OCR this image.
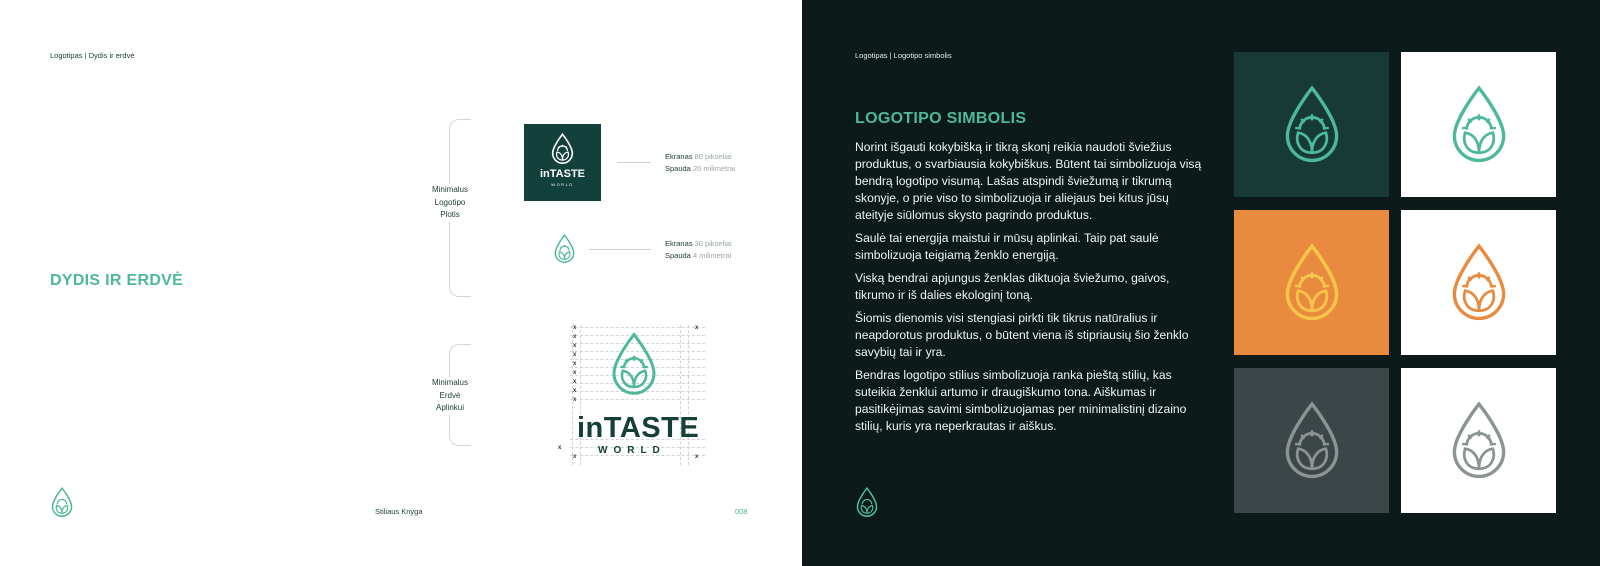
Logotipas | Dydis ir erdvė
DYDIS IR ERDVĖ
Minimalus
Logotipo
Plotis
Minimalus
Erdvė
Aplinkui
inTASTE
WORLD
Ekranas 80 pikseliai
Spauda 20 milimetrai
Ekranas 30 pikseliai
Spauda 4 milimetrai
x
x
x
x
x
x
x
x
x
x
x
x	x
inTASTE
WORLD
Stiliaus Knyga	008
Logotipas | Logotipo simbolis
LOGOTIPO SIMBOLIS

Norint išgauti kokybišką ir tikrą skonį reikia naudoti šviežius produktus, o svarbiausia kokybiškus. Būtent tai simbolizuoja visą bendrą logotipo visumą. Lašas atspindi šviežumą ir tikrumą skonyje, o prie viso to simbolizuoja ir aliejaus bei kitus jūsų ateityje siūlomus skysto pagrindo produktus.

Saulė tai energija maistui ir mūsų aplinkai. Taip pat saulė simbolizuoja teigiamą ženklo energiją.

Viską bendrai apjungus ženklas diktuoja šviežumo, gaivos, tikrumo ir iš dalies ekologinį toną.

Šiomis dienomis visi stengiasi pirkti tik tikrus natūralius ir neapdorotus produktus, o būtent viena iš stipriausių šio ženklo savybių tai ir yra.

Bendras logotipo stilius simbolizuoja ranka pieštą stilių, kas suteikia ženklui artumo ir draugiškumo tona. Aiškumas ir pasitikėjimas savimi simbolizuojamas per minimalistinį dizaino stilių, kuris yra neperkrautas ir aiškus.
